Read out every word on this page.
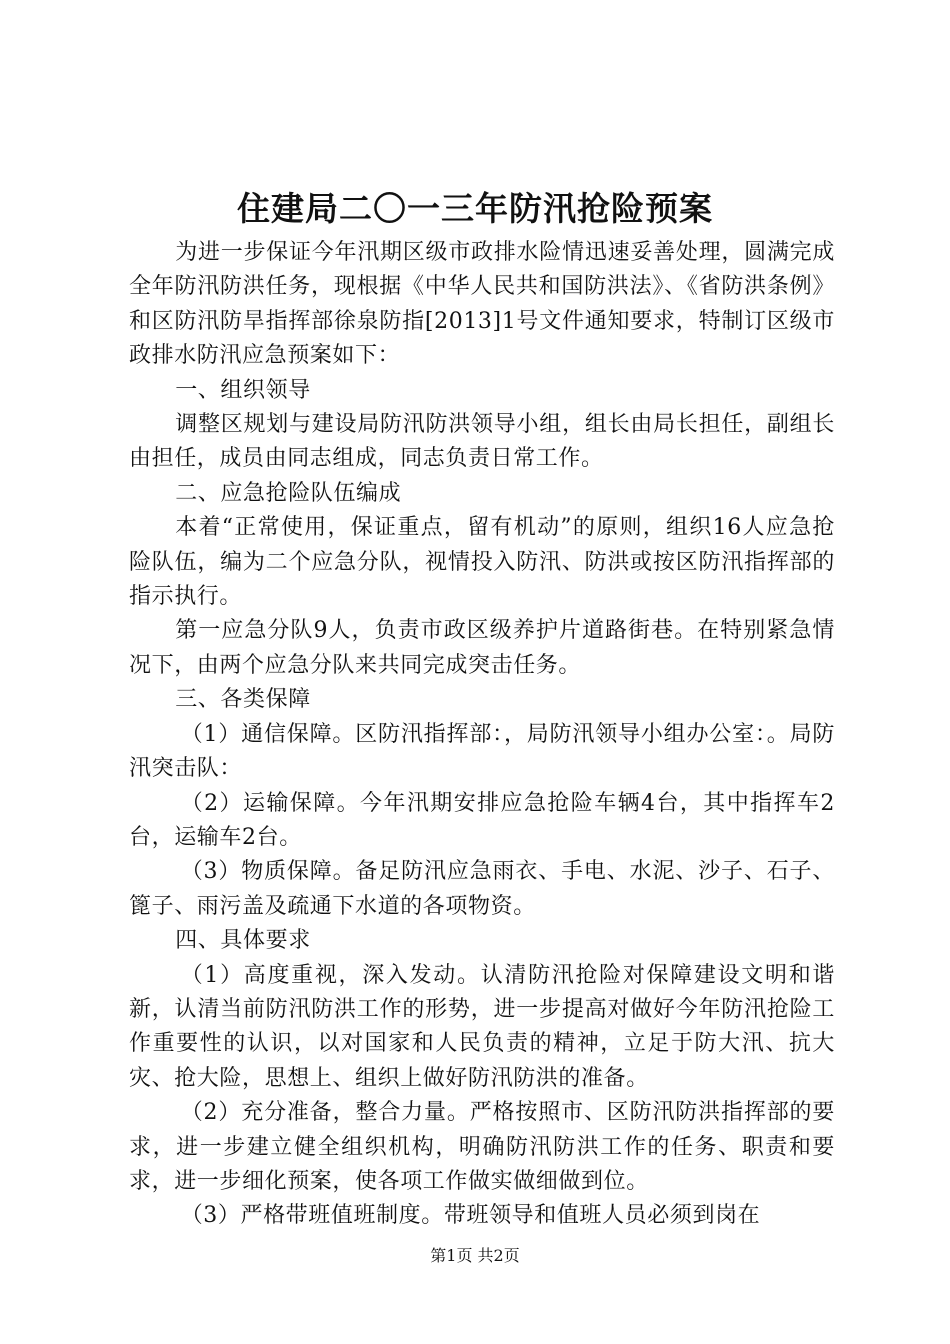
住建局二〇一三年防汛抢险预案

为进一步保证今年汛期区级市政排水险情迅速妥善处理，圆满完成全年防汛防洪任务，现根据《中华人民共和国防洪法》、《省防洪条例》和区防汛防旱指挥部徐泉防指[2013]1号文件通知要求，特制订区级市政排水防汛应急预案如下：

一、组织领导

调整区规划与建设局防汛防洪领导小组，组长由局长担任，副组长由担任，成员由同志组成，同志负责日常工作。

二、应急抢险队伍编成

本着“正常使用，保证重点，留有机动”的原则，组织16人应急抢险队伍，编为二个应急分队，视情投入防汛、防洪或按区防汛指挥部的指示执行。

第一应急分队9人，负责市政区级养护片道路街巷。在特别紧急情况下，由两个应急分队来共同完成突击任务。

三、各类保障

（1）通信保障。区防汛指挥部：，局防汛领导小组办公室：。局防汛突击队：

（2）运输保障。今年汛期安排应急抢险车辆4台，其中指挥车2台，运输车2台。

（3）物质保障。备足防汛应急雨衣、手电、水泥、沙子、石子、篦子、雨污盖及疏通下水道的各项物资。

四、具体要求

（1）高度重视，深入发动。认清防汛抢险对保障建设文明和谐新，认清当前防汛防洪工作的形势，进一步提高对做好今年防汛抢险工作重要性的认识，以对国家和人民负责的精神，立足于防大汛、抗大灾、抢大险，思想上、组织上做好防汛防洪的准备。

（2）充分准备，整合力量。严格按照市、区防汛防洪指挥部的要求，进一步建立健全组织机构，明确防汛防洪工作的任务、职责和要求，进一步细化预案，使各项工作做实做细做到位。

（3）严格带班值班制度。带班领导和值班人员必须到岗在

第1页 共2页
